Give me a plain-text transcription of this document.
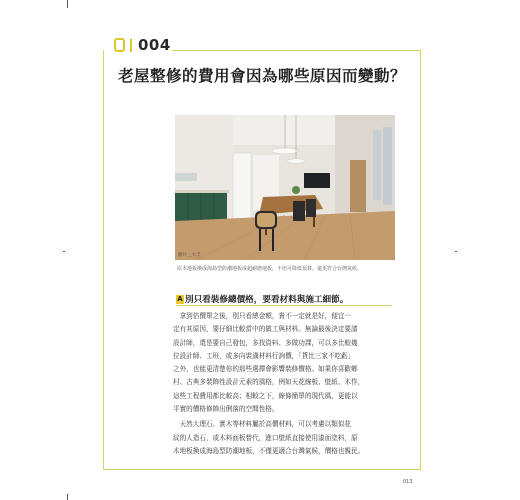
004
老屋整修的費用會因為哪些原因而變動？
圖片＿大丰
原木地板換成海島型防潮地板或超耐磨地板，不但可降低預算，還更符合台灣氣候。
A 別只看裝修總價格，要看材料與施工細節。

　拿到估價單之後，別只看總金額，貴不一定就是好，便宜一

定有其原因，要仔細比較當中的做工與材料。無論最後決定要請

設計師，還是要自己發包，多找資料、多做功課，可以多比較幾

位設計師、工班，或多向裝潢材料行詢價，「貨比三家不吃虧」

之外，也能更清楚你的那些選擇會影響裝修價格。如果你喜歡鄉

村、古典多裝飾性設計元素的風格，例如天花線板、壁紙、木作，

這些工程費用都比較高；相較之下，線條簡單的現代風，更能以

平實的價格修飾出俐落的空間性格。

　天然大理石、實木等材料屬於高價材料，可以考慮以類似花

紋的人造石，或木料面板替代，進口壁紙直接使用漆面塗料，原

木地板換成海島型防潮地板，不僅更適合台灣氣候，價格也親民。

013
